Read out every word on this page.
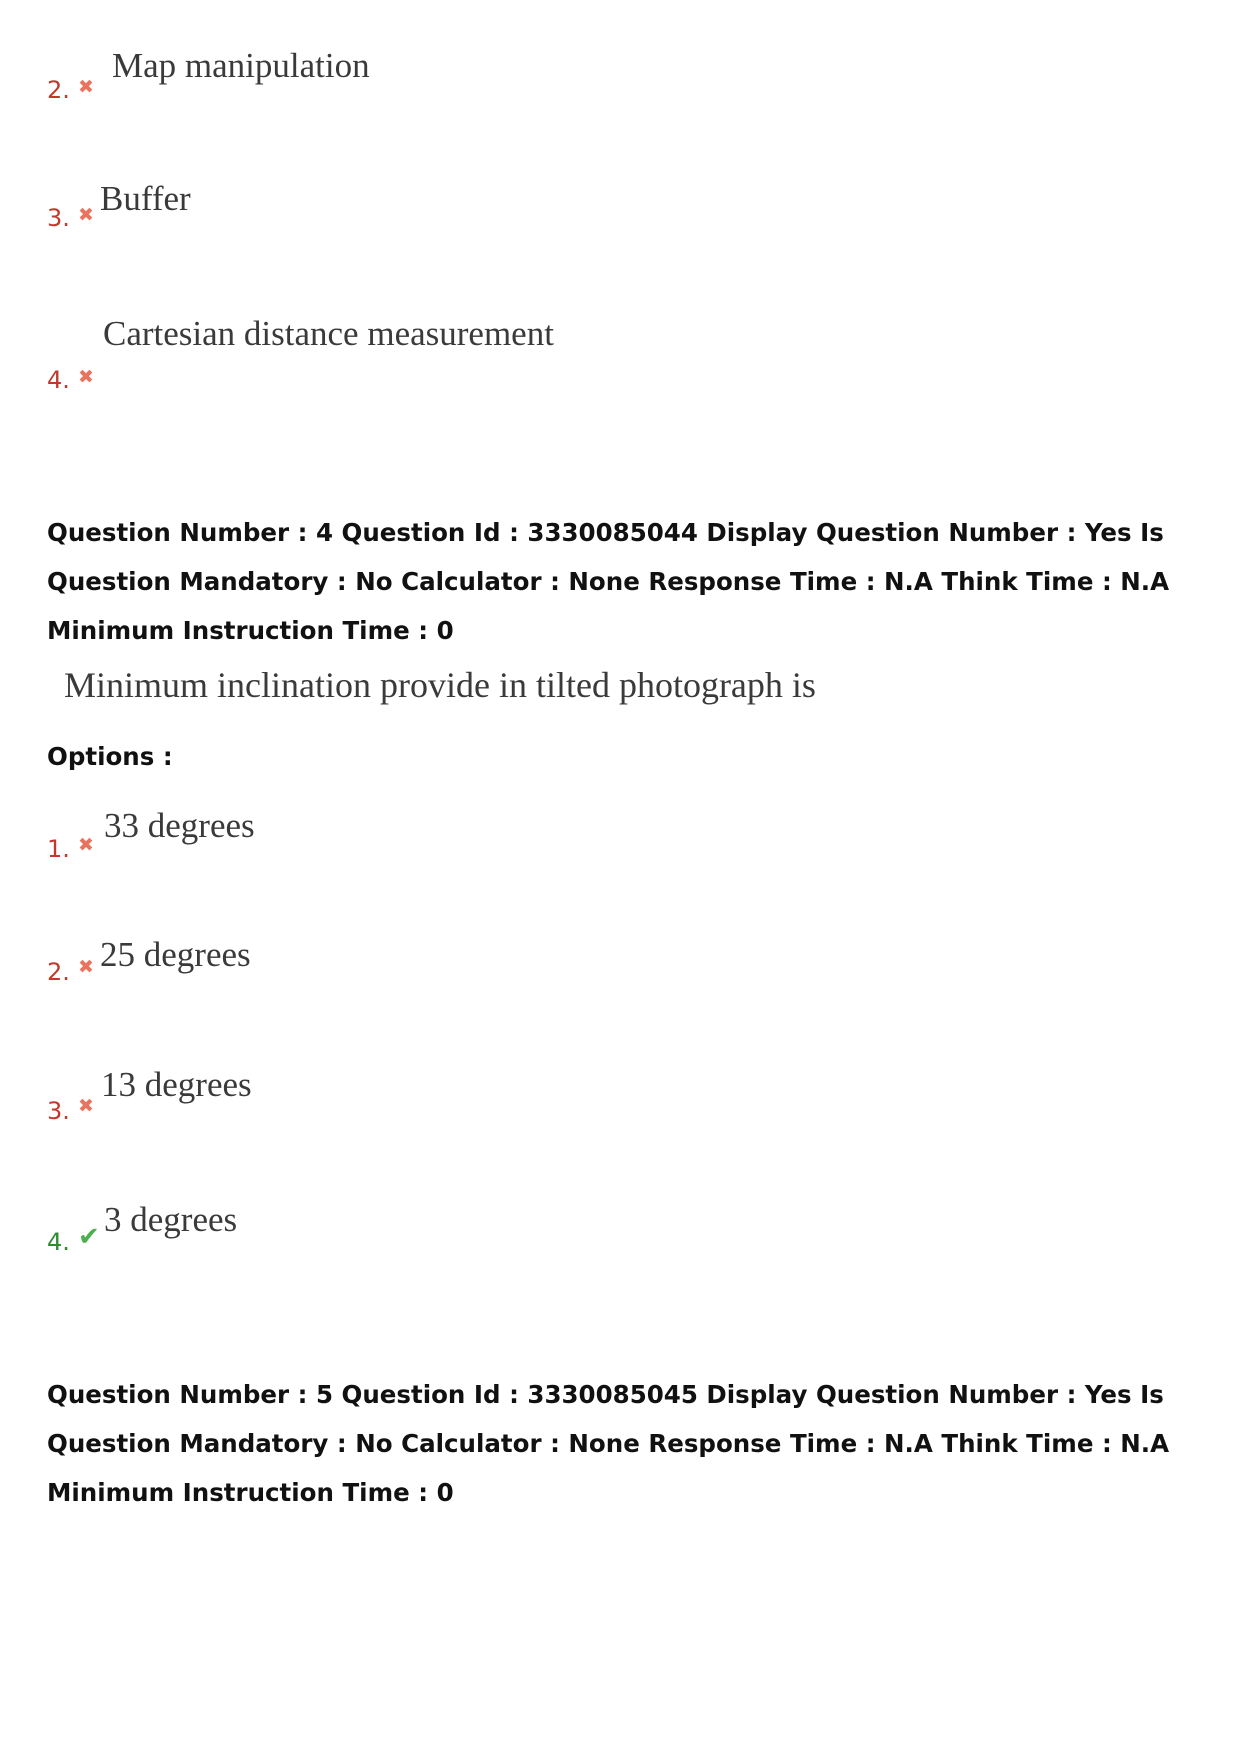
2. ✖
Map manipulation
3. ✖ Buffer
4. ✖
Cartesian distance measurement
Question Number : 4 Question Id : 3330085044 Display Question Number : Yes Is Question Mandatory : No Calculator : None Response Time : N.A Think Time : N.A Minimum Instruction Time : 0
Minimum inclination provide in tilted photograph is
Options :
1. ✖ 33 degrees
2. ✖ 25 degrees
3. ✖
13 degrees
4. ✔ 3 degrees
Question Number : 5 Question Id : 3330085045 Display Question Number : Yes Is Question Mandatory : No Calculator : None Response Time : N.A Think Time : N.A Minimum Instruction Time : 0
